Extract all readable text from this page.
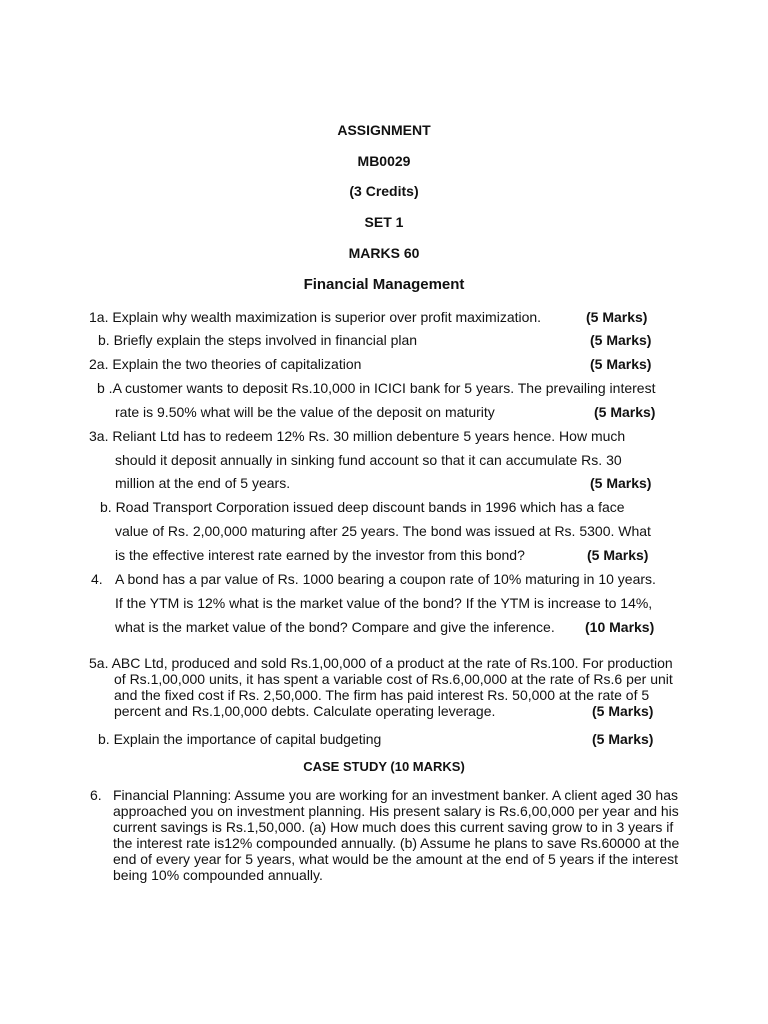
ASSIGNMENT
MB0029
(3 Credits)
SET 1
MARKS 60
Financial Management
1a. Explain why wealth maximization is superior over profit maximization.	(5 Marks)
b. Briefly explain the steps involved in financial plan	(5 Marks)
2a. Explain the two theories of capitalization	(5 Marks)
b .A customer wants to deposit Rs.10,000 in ICICI bank for 5 years. The prevailing interest
rate is 9.50% what will be the value of the deposit on maturity	(5 Marks)
3a. Reliant Ltd has to redeem 12% Rs. 30 million debenture 5 years hence. How much
should it deposit annually in sinking fund account so that it can accumulate Rs. 30
million at the end of 5 years.	(5 Marks)
b. Road Transport Corporation issued deep discount bands in 1996 which has a face
value of Rs. 2,00,000 maturing after 25 years. The bond was issued at Rs. 5300. What
is the effective interest rate earned by the investor from this bond?	(5 Marks)
4. A bond has a par value of Rs. 1000 bearing a coupon rate of 10% maturing in 10 years.
If the YTM is 12% what is the market value of the bond? If the YTM is increase to 14%,
what is the market value of the bond? Compare and give the inference. (10 Marks)
5a. ABC Ltd, produced and sold Rs.1,00,000 of a product at the rate of Rs.100. For production
of Rs.1,00,000 units, it has spent a variable cost of Rs.6,00,000 at the rate of Rs.6 per unit
and the fixed cost if Rs. 2,50,000. The firm has paid interest Rs. 50,000 at the rate of 5
percent and Rs.1,00,000 debts. Calculate operating leverage.	(5 Marks)
b. Explain the importance of capital budgeting	(5 Marks)
CASE STUDY (10 MARKS)
6. Financial Planning: Assume you are working for an investment banker. A client aged 30 has
approached you on investment planning. His present salary is Rs.6,00,000 per year and his
current savings is Rs.1,50,000. (a) How much does this current saving grow to in 3 years if
the interest rate is12% compounded annually. (b) Assume he plans to save Rs.60000 at the
end of every year for 5 years, what would be the amount at the end of 5 years if the interest
being 10% compounded annually.
